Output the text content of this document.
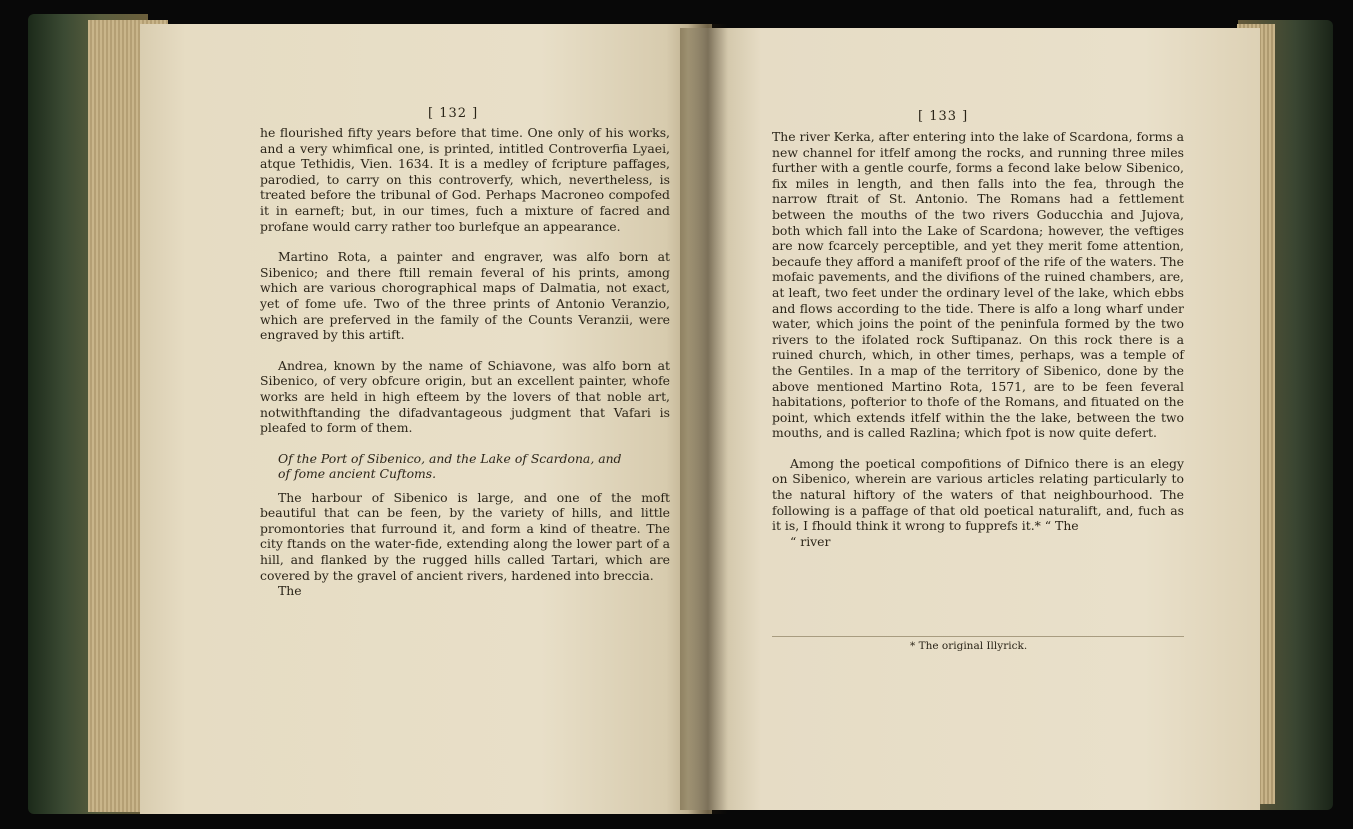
[ 132 ]

he flourished fifty years before that time. One only of his works, and a very whimfical one, is printed, intitled Controverfia Lyaei, atque Tethidis, Vien. 1634. It is a medley of fcripture paffages, parodied, to carry on this controverfy, which, nevertheless, is treated before the tribunal of God. Perhaps Macroneo compofed it in earneft; but, in our times, fuch a mixture of facred and profane would carry rather too burlefque an appearance.

Martino Rota, a painter and engraver, was alfo born at Sibenico; and there ftill remain feveral of his prints, among which are various chorographical maps of Dalmatia, not exact, yet of fome ufe. Two of the three prints of Antonio Veranzio, which are preferved in the family of the Counts Veranzii, were engraved by this artift.

Andrea, known by the name of Schiavone, was alfo born at Sibenico, of very obfcure origin, but an excellent painter, whofe works are held in high efteem by the lovers of that noble art, notwithftanding the difadvantageous judgment that Vafari is pleafed to form of them.

Of the Port of Sibenico, and the Lake of Scardona, and

of fome ancient Cuftoms.

The harbour of Sibenico is large, and one of the moft beautiful that can be feen, by the variety of hills, and little promontories that furround it, and form a kind of theatre. The city ftands on the water-fide, extending along the lower part of a hill, and flanked by the rugged hills called Tartari, which are covered by the gravel of ancient rivers, hardened into breccia.

The

[ 133 ]

The river Kerka, after entering into the lake of Scardona, forms a new channel for itfelf among the rocks, and running three miles further with a gentle courfe, forms a fecond lake below Sibenico, fix miles in length, and then falls into the fea, through the narrow ftrait of St. Antonio. The Romans had a fettlement between the mouths of the two rivers Goducchia and Jujova, both which fall into the Lake of Scardona; however, the veftiges are now fcarcely perceptible, and yet they merit fome attention, becaufe they afford a manifeft proof of the rife of the waters. The mofaic pavements, and the divifions of the ruined chambers, are, at leaft, two feet under the ordinary level of the lake, which ebbs and flows according to the tide. There is alfo a long wharf under water, which joins the point of the peninfula formed by the two rivers to the ifolated rock Suftipanaz. On this rock there is a ruined church, which, in other times, perhaps, was a temple of the Gentiles. In a map of the territory of Sibenico, done by the above mentioned Martino Rota, 1571, are to be feen feveral habitations, pofterior to thofe of the Romans, and fituated on the point, which extends itfelf within the the lake, between the two mouths, and is called Razlina; which fpot is now quite defert.

Among the poetical compofitions of Difnico there is an elegy on Sibenico, wherein are various articles relating particularly to the natural hiftory of the waters of that neighbourhood. The following is a paffage of that old poetical naturalift, and, fuch as it is, I fhould think it wrong to fupprefs it.* “ The

“ river

* The original Illyrick.
